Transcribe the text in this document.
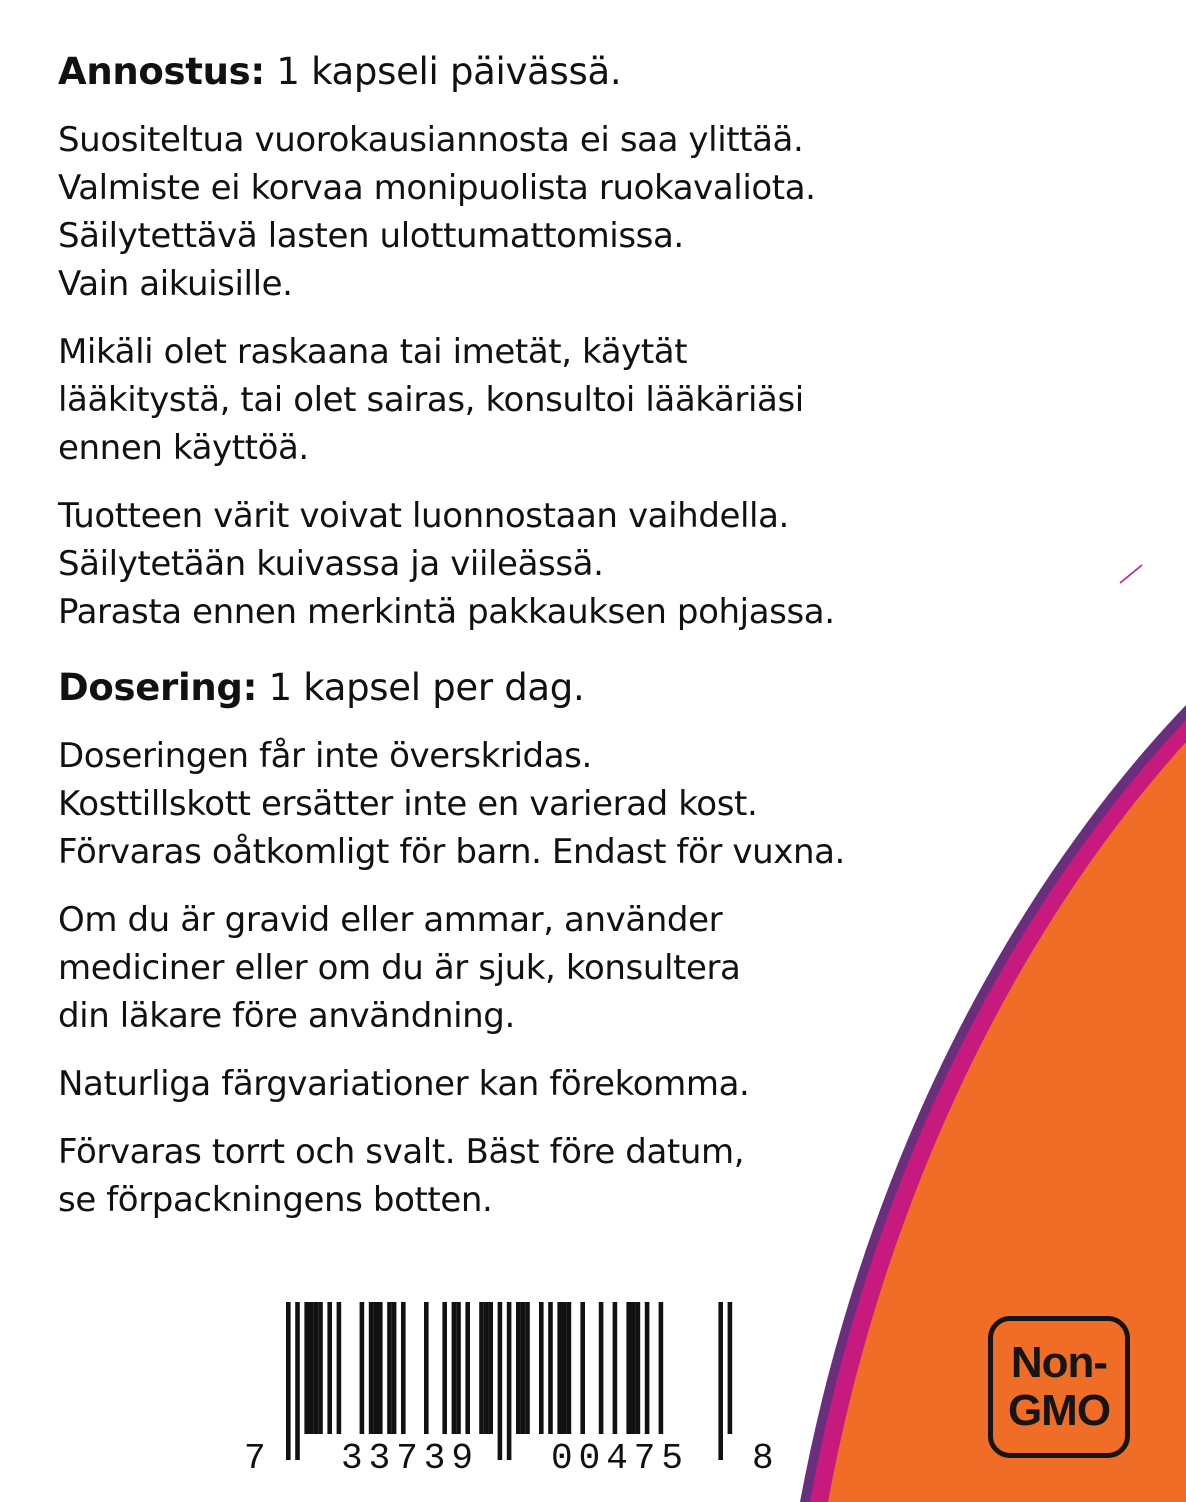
Annostus: 1 kapseli päivässä.
Suositeltua vuorokausiannosta ei saa ylittää.
Valmiste ei korvaa monipuolista ruokavaliota.
Säilytettävä lasten ulottumattomissa.
Vain aikuisille.
Mikäli olet raskaana tai imetät, käytät
lääkitystä, tai olet sairas, konsultoi lääkäriäsi
ennen käyttöä.
Tuotteen värit voivat luonnostaan vaihdella.
Säilytetään kuivassa ja viileässä.
Parasta ennen merkintä pakkauksen pohjassa.
Dosering: 1 kapsel per dag.
Doseringen får inte överskridas.
Kosttillskott ersätter inte en varierad kost.
Förvaras oåtkomligt för barn. Endast för vuxna.
Om du är gravid eller ammar, använder
mediciner eller om du är sjuk, konsultera
din läkare före användning.
Naturliga färgvariationer kan förekomma.
Förvaras torrt och svalt. Bäst före datum,
se förpackningens botten.
7 33739 00475 8
Non-
GMO
